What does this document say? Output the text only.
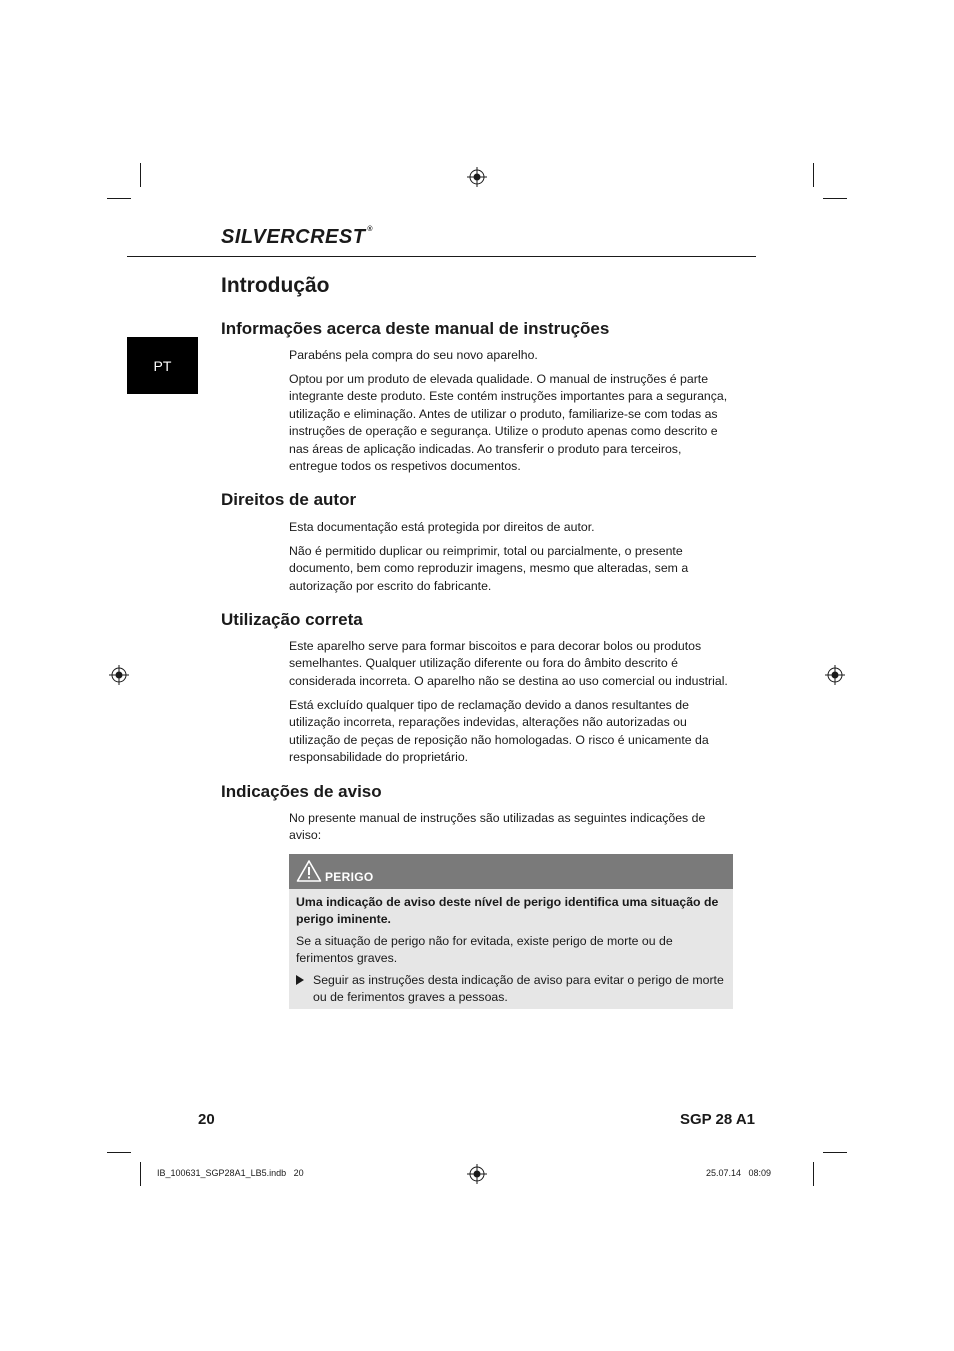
SILVERCREST ®
PT
Introdução
Informações acerca deste manual de instruções

Parabéns pela compra do seu novo aparelho.

Optou por um produto de elevada qualidade. O manual de instruções é parte integrante deste produto. Este contém instruções importantes para a segurança, utilização e eliminação. Antes de utilizar o produto, familiarize-se com todas as instruções de operação e segurança. Utilize o produto apenas como descrito e nas áreas de aplicação indicadas. Ao transferir o produto para terceiros, entregue todos os respetivos documentos.

Direitos de autor

Esta documentação está protegida por direitos de autor.

Não é permitido duplicar ou reimprimir, total ou parcialmente, o presente documento, bem como reproduzir imagens, mesmo que alteradas, sem a autorização por escrito do fabricante.

Utilização correta

Este aparelho serve para formar biscoitos e para decorar bolos ou produtos semelhantes. Qualquer utilização diferente ou fora do âmbito descrito é considerada incorreta. O aparelho não se destina ao uso comercial ou industrial.

Está excluído qualquer tipo de reclamação devido a danos resultantes de utilização incorreta, reparações indevidas, alterações não autorizadas ou utilização de peças de reposição não homologadas. O risco é unicamente da responsabilidade do proprietário.

Indicações de aviso

No presente manual de instruções são utilizadas as seguintes indicações de aviso:

PERIGO

Uma indicação de aviso deste nível de perigo identifica uma situação de perigo iminente.

Se a situação de perigo não for evitada, existe perigo de morte ou de ferimentos graves.

Seguir as instruções desta indicação de aviso para evitar o perigo de morte ou de ferimentos graves a pessoas.

20	SGP 28 A1
IB_100631_SGP28A1_LB5.indb   20	25.07.14   08:09
